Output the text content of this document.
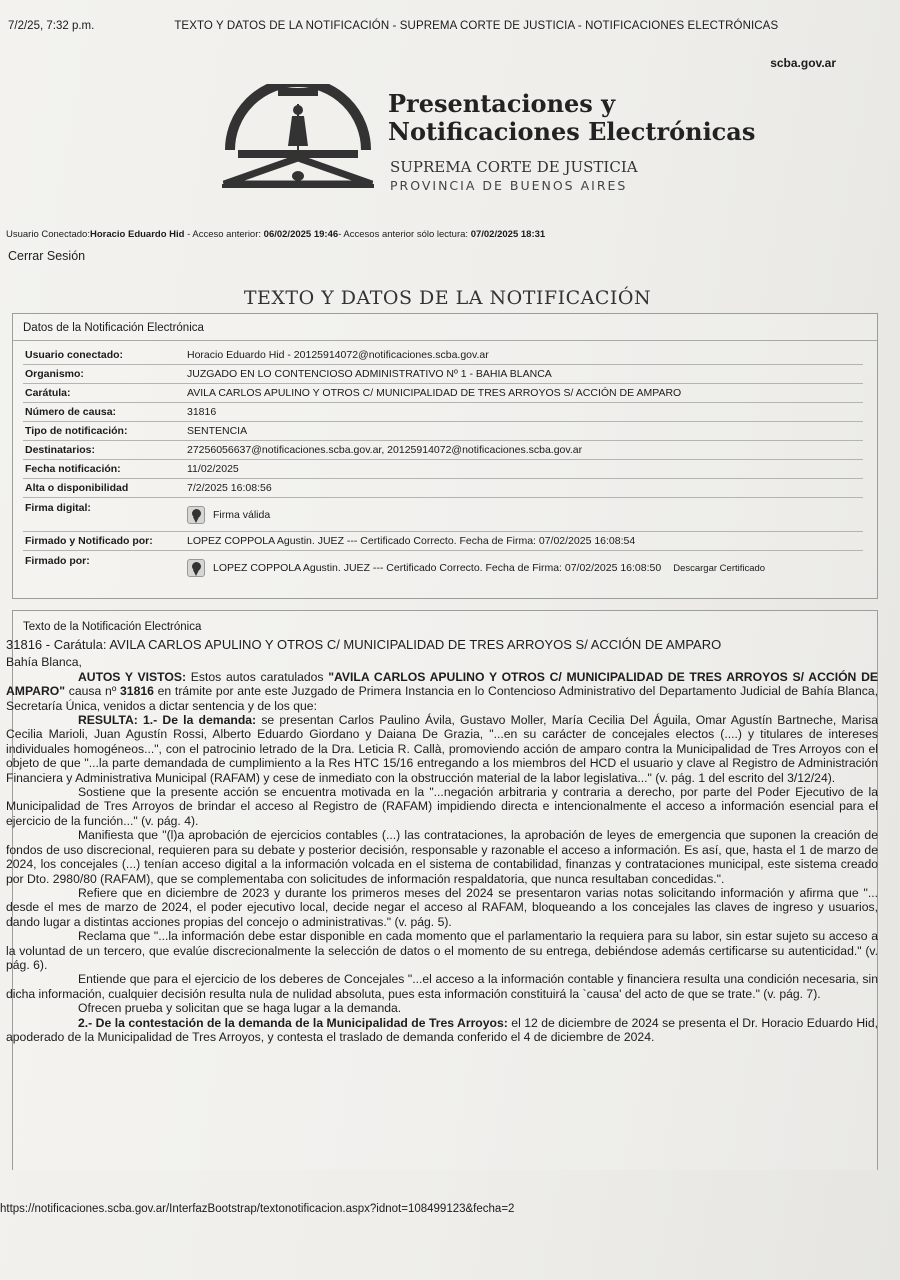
7/2/25, 7:32 p.m.	TEXTO Y DATOS DE LA NOTIFICACIÓN - SUPREMA CORTE DE JUSTICIA - NOTIFICACIONES ELECTRÓNICAS
scba.gov.ar
Presentaciones y
Notificaciones Electrónicas
SUPREMA CORTE DE JUSTICIA
PROVINCIA DE BUENOS AIRES
Usuario Conectado:Horacio Eduardo Hid - Acceso anterior: 06/02/2025 19:46- Accesos anterior sólo lectura: 07/02/2025 18:31
Cerrar Sesión
TEXTO Y DATOS DE LA NOTIFICACIÓN
Datos de la Notificación Electrónica
Usuario conectado:	Horacio Eduardo Hid - 20125914072@notificaciones.scba.gov.ar
Organismo:	JUZGADO EN LO CONTENCIOSO ADMINISTRATIVO Nº 1 - BAHIA BLANCA
Carátula:	AVILA CARLOS APULINO Y OTROS C/ MUNICIPALIDAD DE TRES ARROYOS S/ ACCIÓN DE AMPARO
Número de causa:	31816
Tipo de notificación:	SENTENCIA
Destinatarios:	27256056637@notificaciones.scba.gov.ar, 20125914072@notificaciones.scba.gov.ar
Fecha notificación:	11/02/2025
Alta o disponibilidad	7/2/2025 16:08:56
Firma digital:
Firma válida
Firmado y Notificado por:	LOPEZ COPPOLA Agustin. JUEZ --- Certificado Correcto. Fecha de Firma: 07/02/2025 16:08:54
Firmado por:
LOPEZ COPPOLA Agustin. JUEZ --- Certificado Correcto. Fecha de Firma: 07/02/2025 16:08:50 Descargar Certificado
Texto de la Notificación Electrónica

31816 - Carátula: AVILA CARLOS APULINO Y OTROS C/ MUNICIPALIDAD DE TRES ARROYOS S/ ACCIÓN DE AMPARO

Bahía Blanca,

AUTOS Y VISTOS: Estos autos caratulados "AVILA CARLOS APULINO Y OTROS C/ MUNICIPALIDAD DE TRES ARROYOS S/ ACCIÓN DE AMPARO" causa nº 31816 en trámite por ante este Juzgado de Primera Instancia en lo Contencioso Administrativo del Departamento Judicial de Bahía Blanca, Secretaría Única, venidos a dictar sentencia y de los que:

RESULTA: 1.- De la demanda: se presentan Carlos Paulino Ávila, Gustavo Moller, María Cecilia Del Águila, Omar Agustín Bartneche, Marisa Cecilia Marioli, Juan Agustín Rossi, Alberto Eduardo Giordano y Daiana De Grazia, "...en su carácter de concejales electos (....) y titulares de intereses individuales homogéneos...", con el patrocinio letrado de la Dra. Leticia R. Callà, promoviendo acción de amparo contra la Municipalidad de Tres Arroyos con el objeto de que "...la parte demandada de cumplimiento a la Res HTC 15/16 entregando a los miembros del HCD el usuario y clave al Registro de Administración Financiera y Administrativa Municipal (RAFAM) y cese de inmediato con la obstrucción material de la labor legislativa..." (v. pág. 1 del escrito del 3/12/24).

Sostiene que la presente acción se encuentra motivada en la "...negación arbitraria y contraria a derecho, por parte del Poder Ejecutivo de la Municipalidad de Tres Arroyos de brindar el acceso al Registro de (RAFAM) impidiendo directa e intencionalmente el acceso a información esencial para el ejercicio de la función..." (v. pág. 4).

Manifiesta que "(l)a aprobación de ejercicios contables (...) las contrataciones, la aprobación de leyes de emergencia que suponen la creación de fondos de uso discrecional, requieren para su debate y posterior decisión, responsable y razonable el acceso a información. Es así, que, hasta el 1 de marzo de 2024, los concejales (...) tenían acceso digital a la información volcada en el sistema de contabilidad, finanzas y contrataciones municipal, este sistema creado por Dto. 2980/80 (RAFAM), que se complementaba con solicitudes de información respaldatoria, que nunca resultaban concedidas.".

Refiere que en diciembre de 2023 y durante los primeros meses del 2024 se presentaron varias notas solicitando información y afirma que "... desde el mes de marzo de 2024, el poder ejecutivo local, decide negar el acceso al RAFAM, bloqueando a los concejales las claves de ingreso y usuarios, dando lugar a distintas acciones propias del concejo o administrativas." (v. pág. 5).

Reclama que "...la información debe estar disponible en cada momento que el parlamentario la requiera para su labor, sin estar sujeto su acceso a la voluntad de un tercero, que evalúe discrecionalmente la selección de datos o el momento de su entrega, debiéndose además certificarse su autenticidad." (v. pág. 6).

Entiende que para el ejercicio de los deberes de Concejales "...el acceso a la información contable y financiera resulta una condición necesaria, sin dicha información, cualquier decisión resulta nula de nulidad absoluta, pues esta información constituirá la `causa' del acto de que se trate." (v. pág. 7).

Ofrecen prueba y solicitan que se haga lugar a la demanda.

2.- De la contestación de la demanda de la Municipalidad de Tres Arroyos: el 12 de diciembre de 2024 se presenta el Dr. Horacio Eduardo Hid, apoderado de la Municipalidad de Tres Arroyos, y contesta el traslado de demanda conferido el 4 de diciembre de 2024.

https://notificaciones.scba.gov.ar/InterfazBootstrap/textonotificacion.aspx?idnot=108499123&fecha=2
